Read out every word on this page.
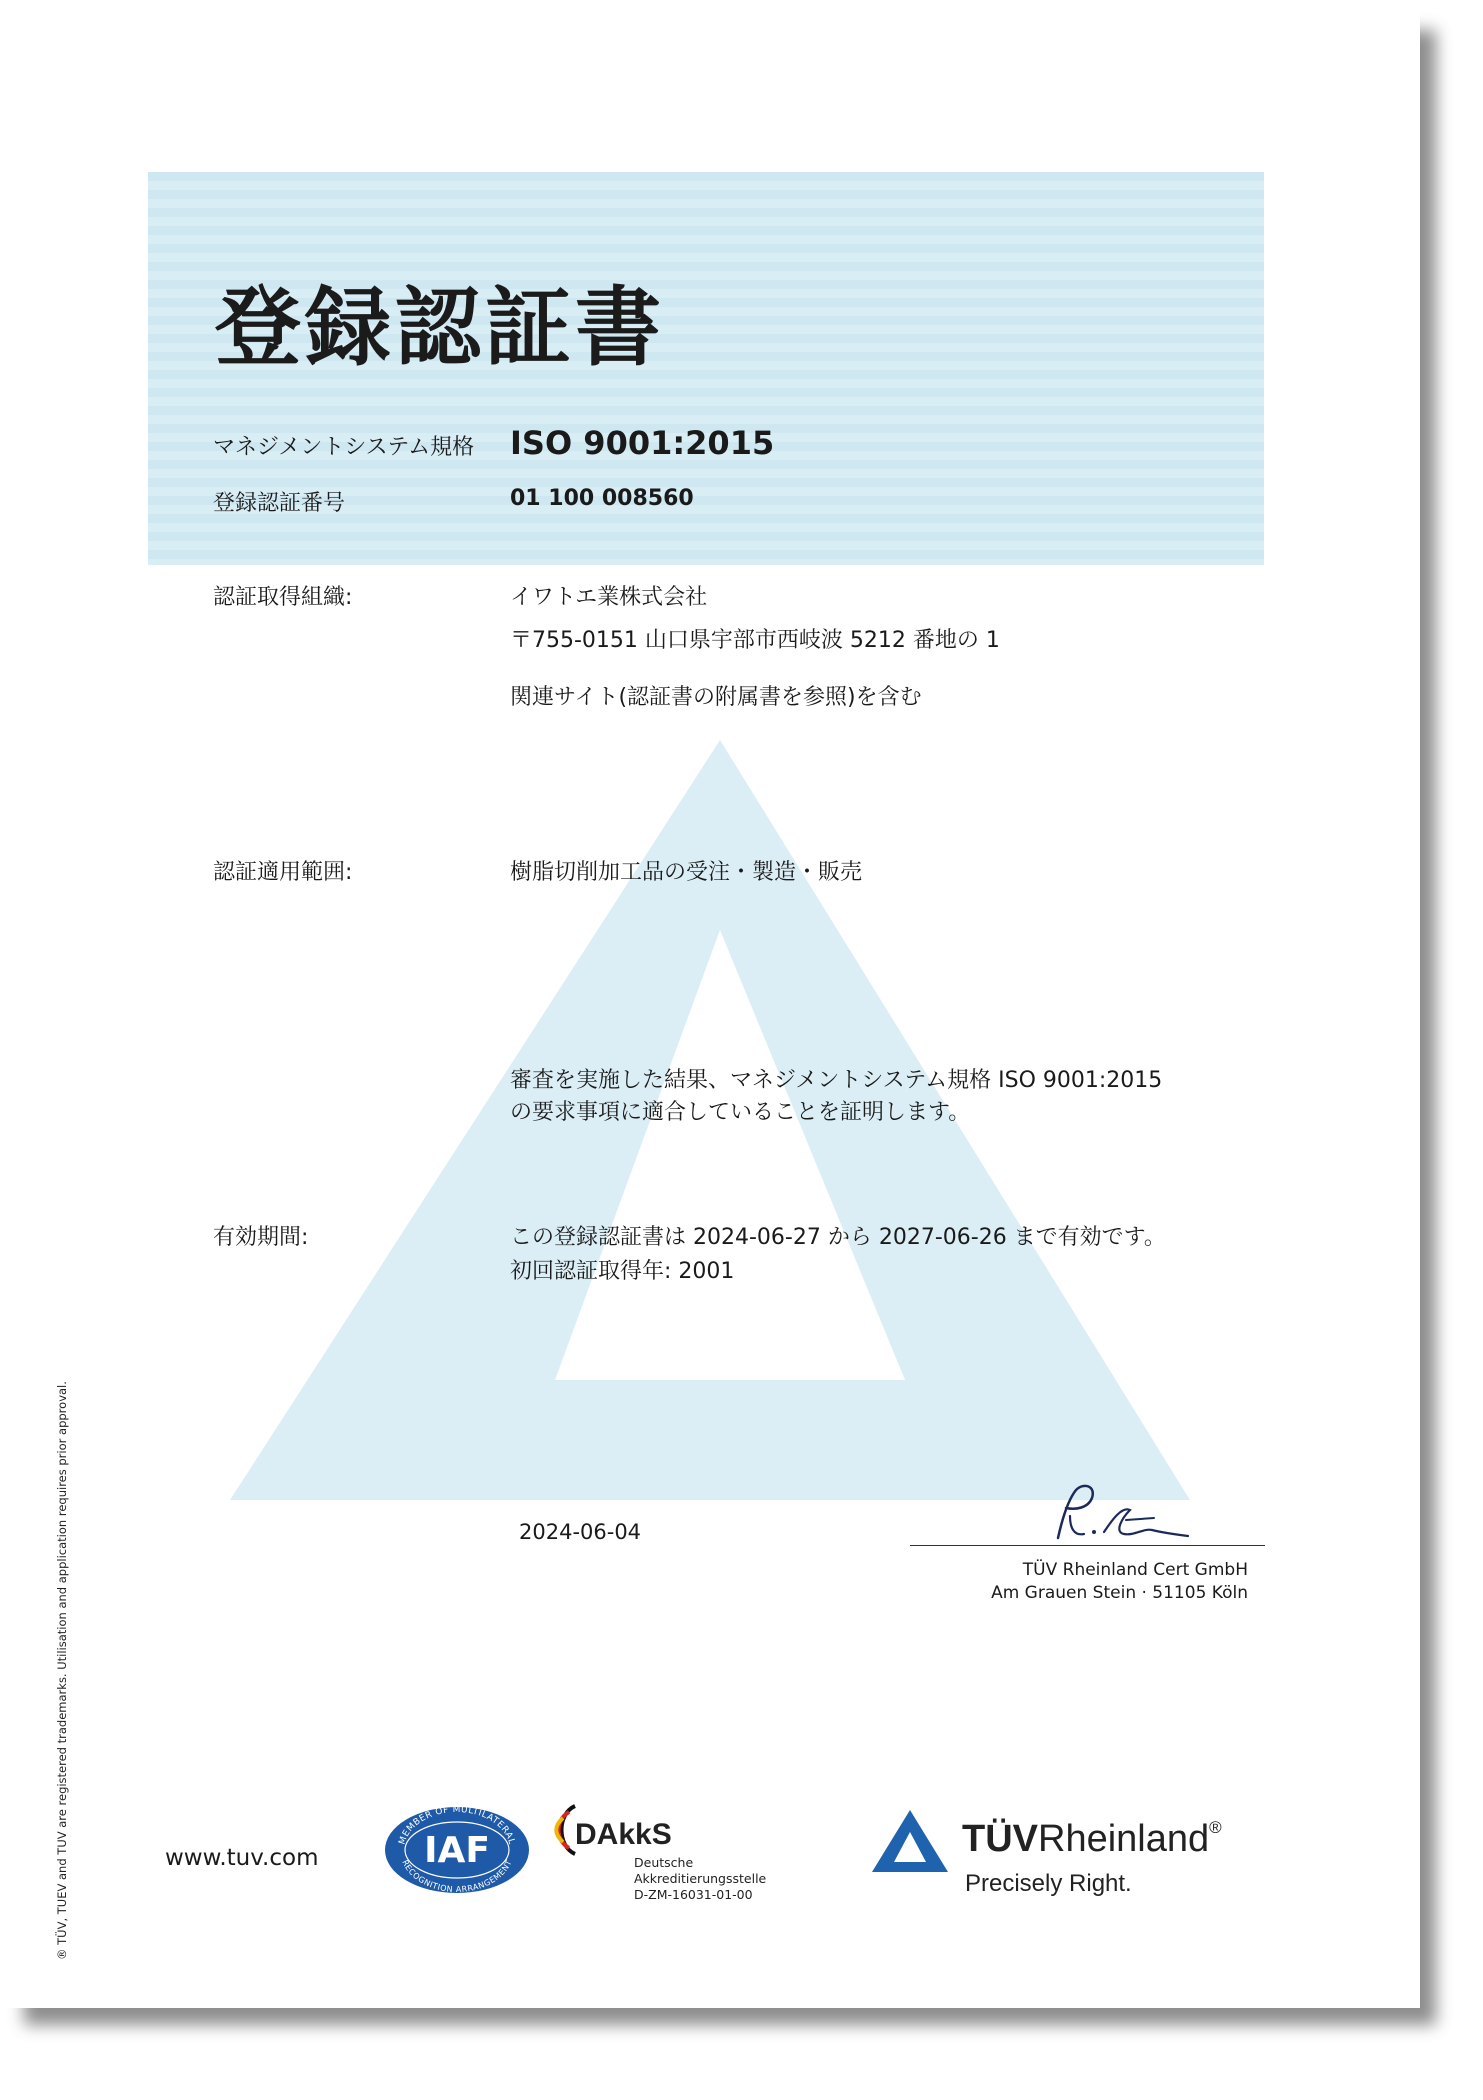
登録認証書
マネジメントシステム規格 ISO 9001:2015
登録認証番号	01 100 008560
認証取得組織:	イワトエ業株式会社
〒755-0151 山口県宇部市西岐波 5212 番地の 1
関連サイト(認証書の附属書を参照)を含む
認証適用範囲:	樹脂切削加工品の受注・製造・販売
審査を実施した結果、マネジメントシステム規格 ISO 9001:2015
の要求事項に適合していることを証明します。
有効期間:	この登録認証書は 2024-06-27 から 2027-06-26 まで有効です。
初回認証取得年: 2001
2024-06-04
TÜV Rheinland Cert GmbH
Am Grauen Stein · 51105 Köln
® TÜV, TUEV and TUV are registered trademarks. Utilisation and application requires prior approval.	www.tuv.com
MEMBER OF MULTILATERAL
RECOGNITION ARRANGEMENT
IAF	DAkkS
Deutsche
Akkreditierungsstelle
D-ZM-16031-01-00
TÜVRheinland®
Precisely Right.
